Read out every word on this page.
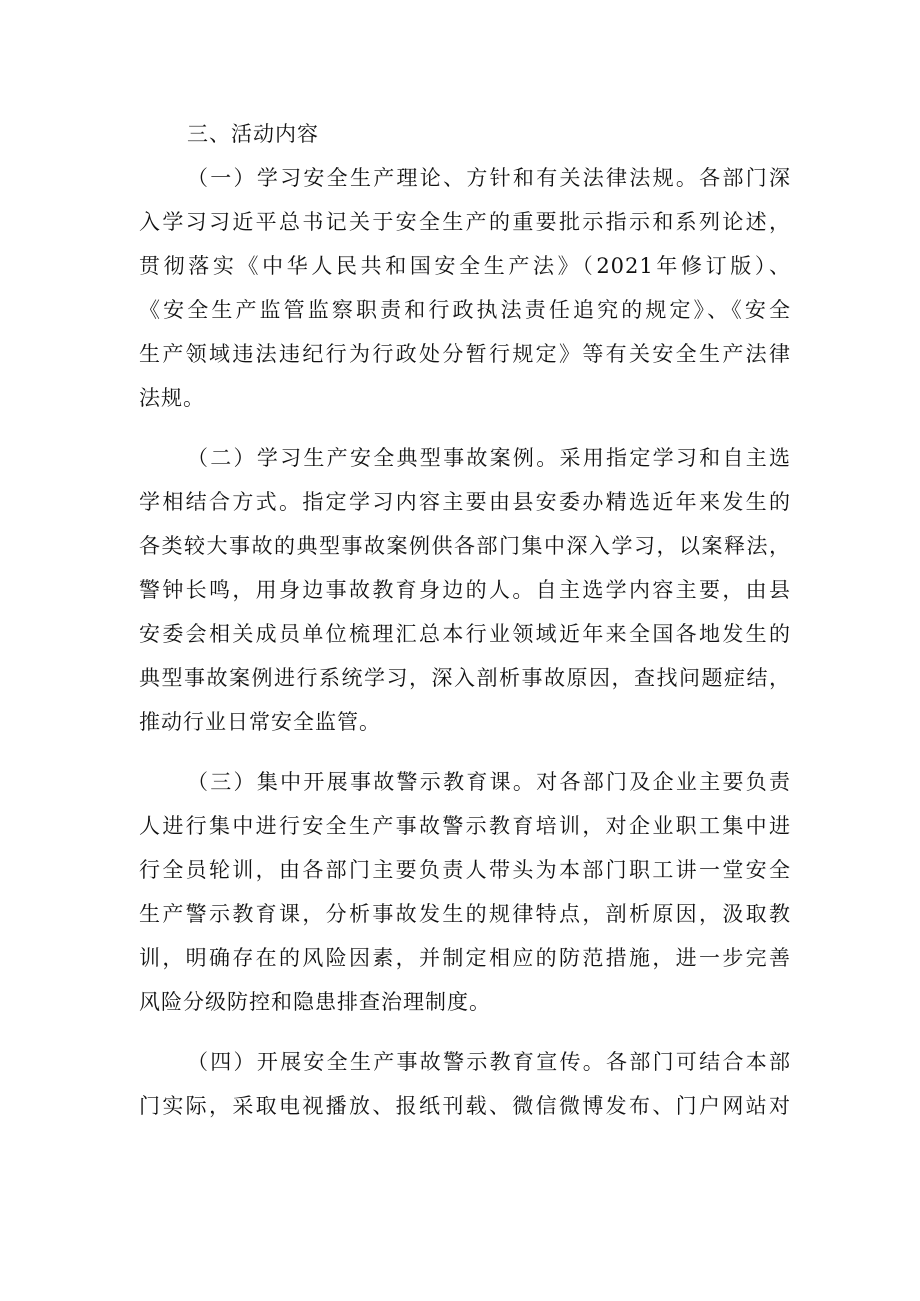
三、活动内容

（一）学习安全生产理论、方针和有关法律法规。各部门深
入学习习近平总书记关于安全生产的重要批示指示和系列论述，
贯彻落实《中华人民共和国安全生产法》（2021年修订版）、
《安全生产监管监察职责和行政执法责任追究的规定》、《安全
生产领域违法违纪行为行政处分暂行规定》等有关安全生产法律
法规。
（二）学习生产安全典型事故案例。采用指定学习和自主选
学相结合方式。指定学习内容主要由县安委办精选近年来发生的
各类较大事故的典型事故案例供各部门集中深入学习，以案释法，
警钟长鸣，用身边事故教育身边的人。自主选学内容主要，由县
安委会相关成员单位梳理汇总本行业领域近年来全国各地发生的
典型事故案例进行系统学习，深入剖析事故原因，查找问题症结，
推动行业日常安全监管。
（三）集中开展事故警示教育课。对各部门及企业主要负责
人进行集中进行安全生产事故警示教育培训，对企业职工集中进
行全员轮训，由各部门主要负责人带头为本部门职工讲一堂安全
生产警示教育课，分析事故发生的规律特点，剖析原因，汲取教
训，明确存在的风险因素，并制定相应的防范措施，进一步完善
风险分级防控和隐患排查治理制度。
（四）开展安全生产事故警示教育宣传。各部门可结合本部
门实际，采取电视播放、报纸刊载、微信微博发布、门户网站对
